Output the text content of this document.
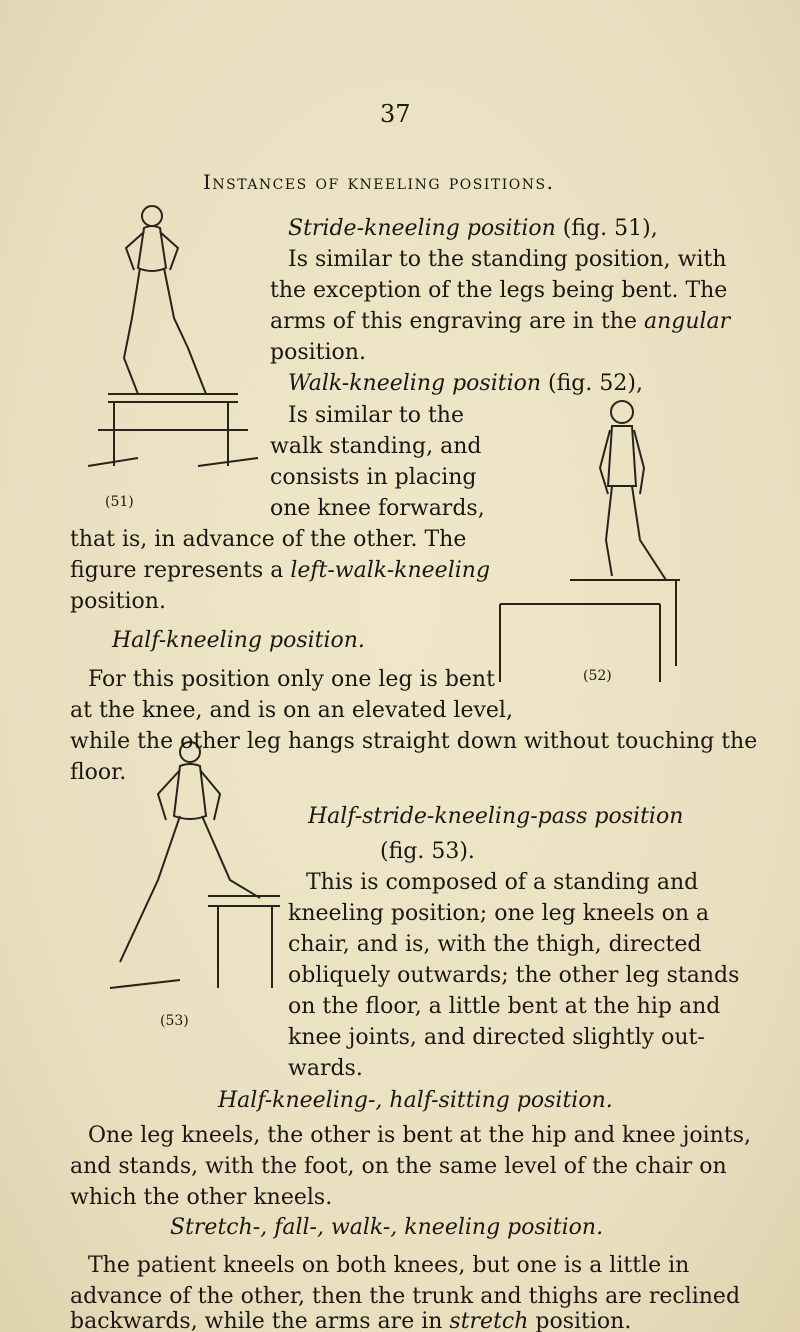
37
Instances of kneeling positions.
(51)
(52)
(53)
Stride-kneeling position (fig. 51),
Is similar to the standing position, with
the exception of the legs being bent. The
arms of this engraving are in the angular
position.
Walk-kneeling position (fig. 52),
Is similar to the
walk standing, and
consists in placing
one knee forwards,
that is, in advance of the other. The
figure represents a left-walk-kneeling
position.
Half-kneeling position.
For this position only one leg is bent
at the knee, and is on an elevated level,
while the other leg hangs straight down without touching the
floor.
Half-stride-kneeling-pass position
(fig. 53).
This is composed of a standing and
kneeling position; one leg kneels on a
chair, and is, with the thigh, directed
obliquely outwards; the other leg stands
on the floor, a little bent at the hip and
knee joints, and directed slightly out-
wards.
Half-kneeling-, half-sitting position.
One leg kneels, the other is bent at the hip and knee joints,
and stands, with the foot, on the same level of the chair on
which the other kneels.
Stretch-, fall-, walk-, kneeling position.
The patient kneels on both knees, but one is a little in
advance of the other, then the trunk and thighs are reclined
backwards, while the arms are in stretch position.
